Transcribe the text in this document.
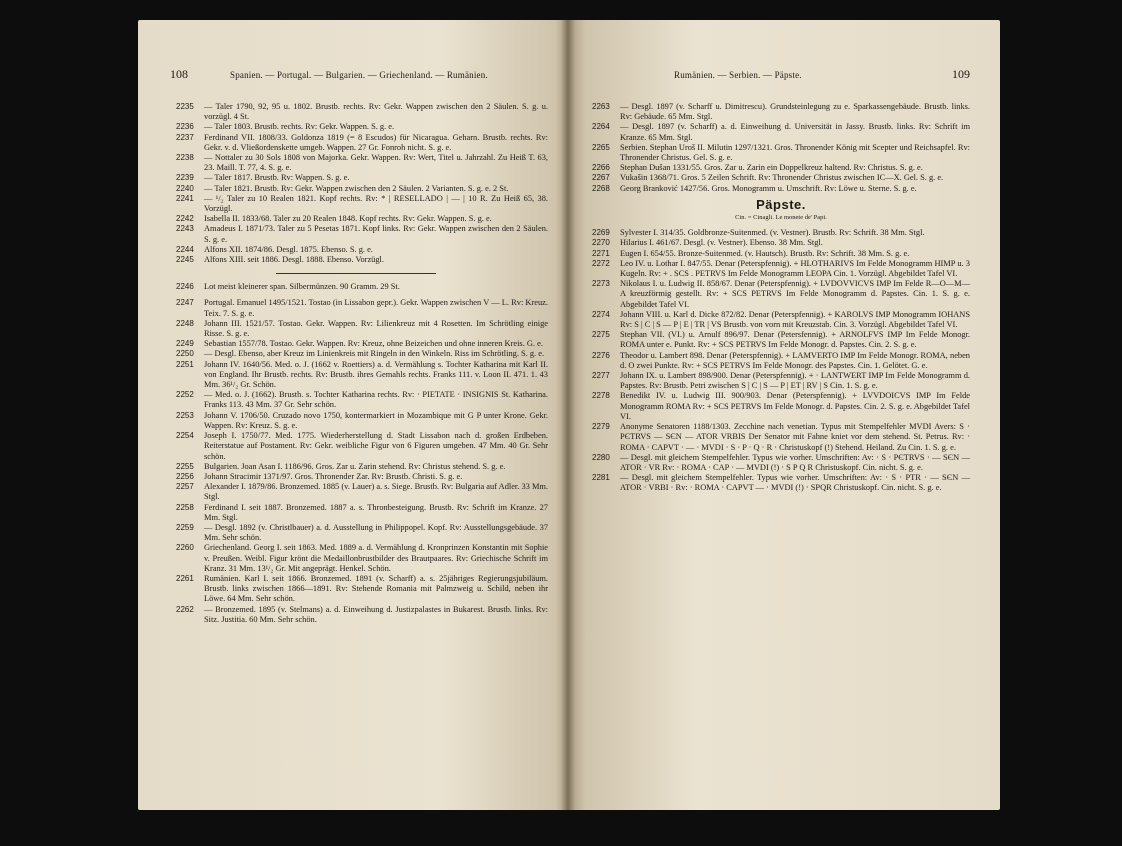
108	Spanien. — Portugal. — Bulgarien. — Griechenland. — Rumänien.
2235 — Taler 1790, 92, 95 u. 1802. Brustb. rechts. Rv: Gekr. Wappen zwischen den 2 Säulen. S. g. u. vorzügl. 4 St.
2236 — Taler 1803. Brustb. rechts. Rv: Gekr. Wappen. S. g. e.
2237 Ferdinand VII. 1808/33. Goldonza 1819 (= 8 Escudos) für Nicaragua. Geharn. Brustb. rechts. Rv: Gekr. v. d. Vließordenskette umgeb. Wappen. 27 Gr. Fonroh nicht. S. g. e.
2238 — Nottaler zu 30 Sols 1808 von Majorka. Gekr. Wappen. Rv: Wert, Titel u. Jahrzahl. Zu Heiß T. 63, 23. Maill. T. 77, 4. S. g. e.
2239 — Taler 1817. Brustb. Rv: Wappen. S. g. e.
2240 — Taler 1821. Brustb. Rv: Gekr. Wappen zwischen den 2 Säulen. 2 Varianten. S. g. e. 2 St.
2241 — ¹/₂ Taler zu 10 Realen 1821. Kopf rechts. Rv: * | RESELLADO | — | 10 R. Zu Heiß 65, 38. Vorzügl.
2242 Isabella II. 1833/68. Taler zu 20 Realen 1848. Kopf rechts. Rv: Gekr. Wappen. S. g. e.
2243 Amadeus I. 1871/73. Taler zu 5 Pesetas 1871. Kopf links. Rv: Gekr. Wappen zwischen den 2 Säulen. S. g. e.
2244 Alfons XII. 1874/86. Desgl. 1875. Ebenso. S. g. e.
2245 Alfons XIII. seit 1886. Desgl. 1888. Ebenso. Vorzügl.
2246 Lot meist kleinerer span. Silbermünzen. 90 Gramm. 29 St.
2247 Portugal. Emanuel 1495/1521. Tostao (in Lissabon gepr.). Gekr. Wappen zwischen V — L. Rv: Kreuz. Teix. 7. S. g. e.
2248 Johann III. 1521/57. Tostao. Gekr. Wappen. Rv: Lilienkreuz mit 4 Rosetten. Im Schrötling einige Risse. S. g. e.
2249 Sebastian 1557/78. Tostao. Gekr. Wappen. Rv: Kreuz, ohne Beizeichen und ohne inneren Kreis. G. e.
2250 — Desgl. Ebenso, aber Kreuz im Linienkreis mit Ringeln in den Winkeln. Riss im Schrötling. S. g. e.
2251 Johann IV. 1640/56. Med. o. J. (1662 v. Roettiers) a. d. Vermählung s. Tochter Katharina mit Karl II. von England. Ihr Brustb. rechts. Rv: Brustb. ihres Gemahls rechts. Franks 111. v. Loon II. 471. 1. 43 Mm. 36¹/₂ Gr. Schön.
2252 — Med. o. J. (1662). Brustb. s. Tochter Katharina rechts. Rv: · PIETATE · INSIGNIS St. Katharina. Franks 113. 43 Mm. 37 Gr. Sehr schön.
2253 Johann V. 1706/50. Cruzado novo 1750, kontermarkiert in Mozambique mit G P unter Krone. Gekr. Wappen. Rv: Kreuz. S. g. e.
2254 Joseph I. 1750/77. Med. 1775. Wiederherstellung d. Stadt Lissabon nach d. großen Erdbeben. Reiterstatue auf Postament. Rv: Gekr. weibliche Figur von 6 Figuren umgeben. 47 Mm. 40 Gr. Sehr schön.
2255 Bulgarien. Joan Asan I. 1186/96. Gros. Zar u. Zarin stehend. Rv: Christus stehend. S. g. e.
2256 Johann Stracimir 1371/97. Gros. Thronender Zar. Rv: Brustb. Christi. S. g. e.
2257 Alexander I. 1879/86. Bronzemed. 1885 (v. Lauer) a. s. Siege. Brustb. Rv: Bulgaria auf Adler. 33 Mm. Stgl.
2258 Ferdinand I. seit 1887. Bronzemed. 1887 a. s. Thronbesteigung. Brustb. Rv: Schrift im Kranze. 27 Mm. Stgl.
2259 — Desgl. 1892 (v. Christlbauer) a. d. Ausstellung in Philippopel. Kopf. Rv: Ausstellungsgebäude. 37 Mm. Sehr schön.
2260 Griechenland. Georg I. seit 1863. Med. 1889 a. d. Vermählung d. Kronprinzen Konstantin mit Sophie v. Preußen. Weibl. Figur krönt die Medaillonbrustbilder des Brautpaares. Rv: Griechische Schrift im Kranz. 31 Mm. 13¹/₂ Gr. Mit angeprägt. Henkel. Schön.
2261 Rumänien. Karl I. seit 1866. Bronzemed. 1891 (v. Scharff) a. s. 25jähriges Regierungsjubiläum. Brustb. links zwischen 1866—1891. Rv: Stehende Romania mit Palmzweig u. Schild, neben ihr Löwe. 64 Mm. Sehr schön.
2262 — Bronzemed. 1895 (v. Stelmans) a. d. Einweihung d. Justizpalastes in Bukarest. Brustb. links. Rv: Sitz. Justitia. 60 Mm. Sehr schön.
Rumänien. — Serbien. — Päpste.	109
2263 — Desgl. 1897 (v. Scharff u. Dimitrescu). Grundsteinlegung zu e. Sparkassengebäude. Brustb. links. Rv: Gebäude. 65 Mm. Stgl.
2264 — Desgl. 1897 (v. Scharff) a. d. Einweihung d. Universität in Jassy. Brustb. links. Rv: Schrift im Kranze. 65 Mm. Stgl.
2265 Serbien. Stephan Uroš II. Milutin 1297/1321. Gros. Thronender König mit Scepter und Reichsapfel. Rv: Thronender Christus. Gel. S. g. e.
2266 Stephan Dušan 1331/55. Gros. Zar u. Zarin ein Doppelkreuz haltend. Rv: Christus. S. g. e.
2267 Vukašin 1368/71. Gros. 5 Zeilen Schrift. Rv: Thronender Christus zwischen IC—X. Gel. S. g. e.
2268 Georg Branković 1427/56. Gros. Monogramm u. Umschrift. Rv: Löwe u. Sterne. S. g. e.
Päpste.
Cin. = Cinagli. Le monete de' Papi.
2269 Sylvester I. 314/35. Goldbronze-Suitenmed. (v. Vestner). Brustb. Rv: Schrift. 38 Mm. Stgl.
2270 Hilarius I. 461/67. Desgl. (v. Vestner). Ebenso. 38 Mm. Stgl.
2271 Eugen I. 654/55. Bronze-Suitenmed. (v. Hautsch). Brustb. Rv: Schrift. 38 Mm. S. g. e.
2272 Leo IV. u. Lothar I. 847/55. Denar (Peterspfennig). + HLOTHARIVS Im Felde Monogramm HIMP u. 3 Kugeln. Rv: + . SCS . PETRVS Im Felde Monogramm LEOPA Cin. 1. Vorzügl. Abgebildet Tafel VI.
2273 Nikolaus I. u. Ludwig II. 858/67. Denar (Peterspfennig). + LVDOVVICVS IMP Im Felde R—O—M—A kreuzförmig gestellt. Rv: + SCS PETRVS Im Felde Monogramm d. Papstes. Cin. 1. S. g. e. Abgebildet Tafel VI.
2274 Johann VIII. u. Karl d. Dicke 872/82. Denar (Peterspfennig). + KAROLVS IMP Monogramm IOHANS Rv: S | C | S — P | E | TR | VS Brustb. von vorn mit Kreuzstab. Cin. 3. Vorzügl. Abgebildet Tafel VI.
2275 Stephan VII. (VI.) u. Arnulf 896/97. Denar (Petersfennig). + ARNOLFVS IMP Im Felde Monogr. ROMA unter e. Punkt. Rv: + SCS PETRVS Im Felde Monogr. d. Papstes. Cin. 2. S. g. e.
2276 Theodor u. Lambert 898. Denar (Peterspfennig). + LAMVERTO IMP Im Felde Monogr. ROMA, neben d. O zwei Punkte. Rv: + SCS PETRVS Im Felde Monogr. des Papstes. Cin. 1. Gelötet. G. e.
2277 Johann IX. u. Lambert 898/900. Denar (Peterspfennig). + · LANTWERT IMP Im Felde Monogramm d. Papstes. Rv: Brustb. Petri zwischen S | C | S — P | ET | RV | S Cin. 1. S. g. e.
2278 Benedikt IV. u. Ludwig III. 900/903. Denar (Peterspfennig). + LVVDOICVS IMP Im Felde Monogramm ROMA Rv: + SCS PETRVS Im Felde Monogr. d. Papstes. Cin. 2. S. g. e. Abgebildet Tafel VI.
2279 Anonyme Senatoren 1188/1303. Zecchine nach venetian. Typus mit Stempelfehler MVDI Avers: S · PЄTRVS — SЄN — ATOR VRBIS Der Senator mit Fahne kniet vor dem stehend. St. Petrus. Rv: · ROMA · CAPVT · — · MVDI · S · P · Q · R · Christuskopf (!) Stehend. Heiland. Zu Cin. 1. S. g. e.
2280 — Desgl. mit gleichem Stempelfehler. Typus wie vorher. Umschriften: Av: · S · PЄTRVS · — SЄN — ATOR · VR Rv: · ROMA · CAP · — MVDI (!) · S P Q R Christuskopf. Cin. nicht. S. g. e.
2281 — Desgl. mit gleichem Stempelfehler. Typus wie vorher. Umschriften: Av: · S · PTR · — SЄN — ATOR · VRBI · Rv: · ROMA · CAPVT — · MVDI (!) · SPQR Christuskopf. Cin. nicht. S. g. e.
